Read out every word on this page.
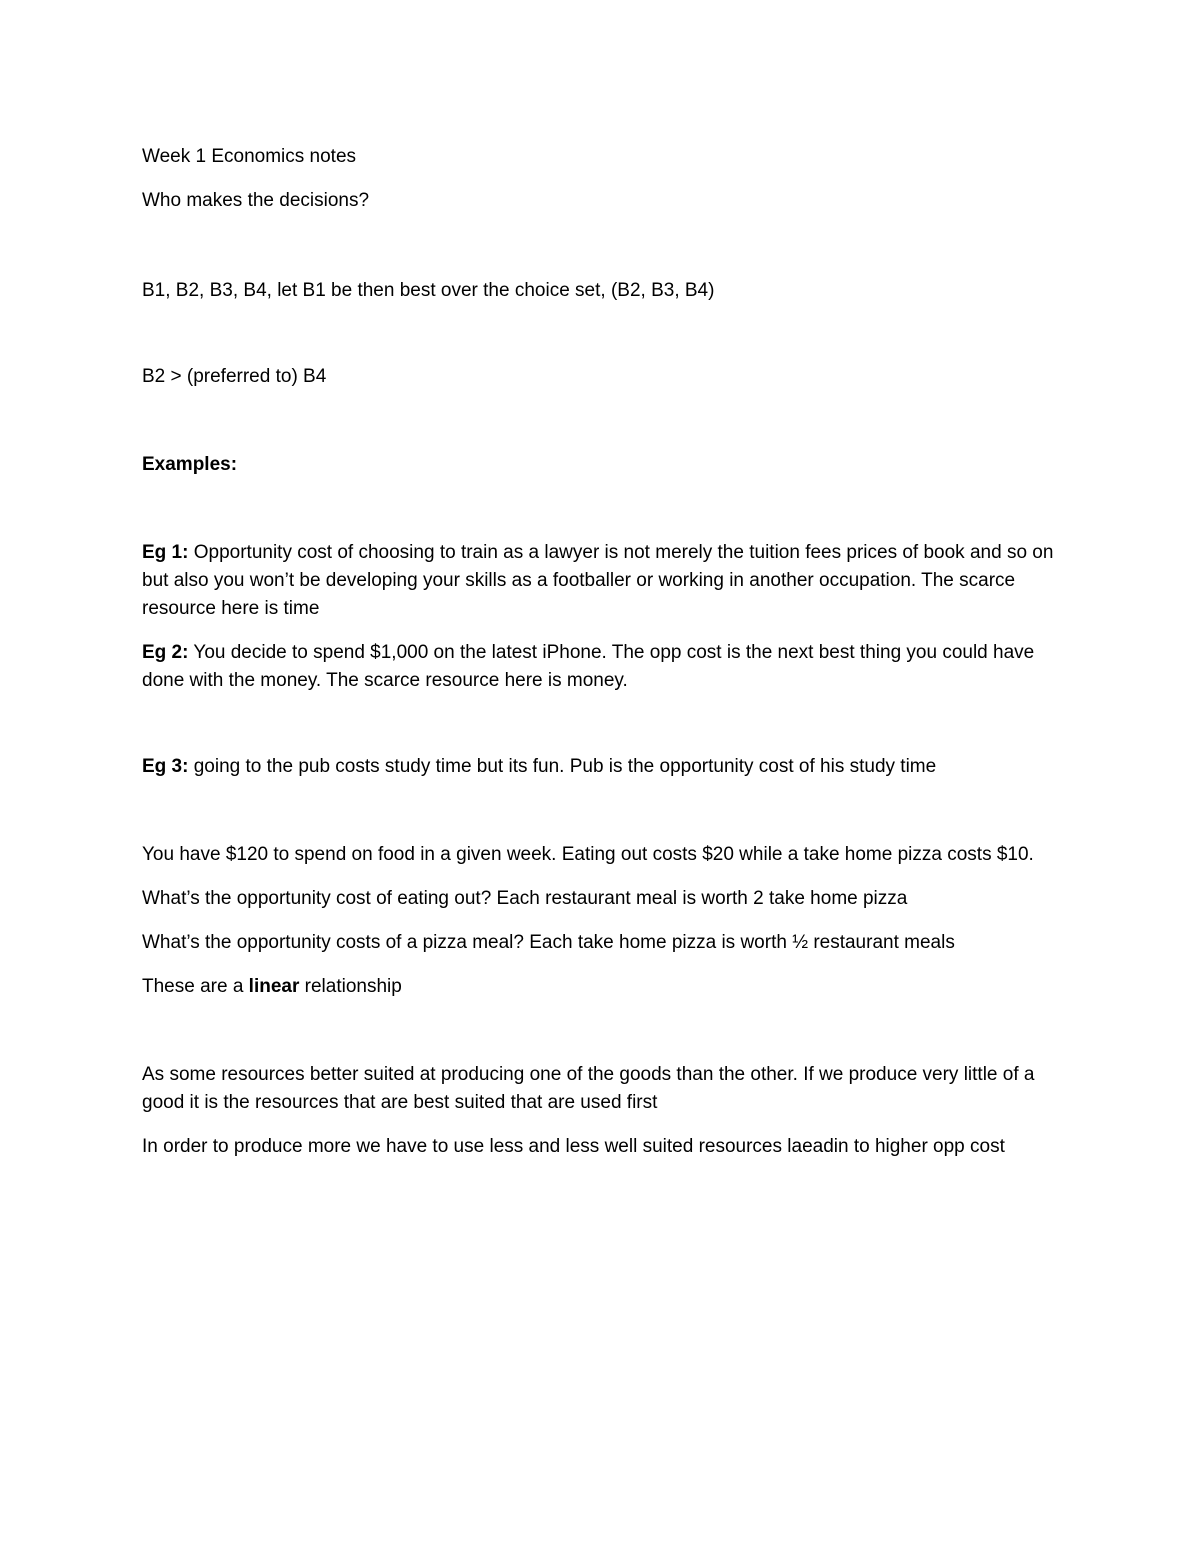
Week 1 Economics notes

Who makes the decisions?

B1, B2, B3, B4, let B1 be then best over the choice set, (B2, B3, B4)

B2 > (preferred to) B4

Examples:

Eg 1: Opportunity cost of choosing to train as a lawyer is not merely the tuition fees prices of book and so on but also you won’t be developing your skills as a footballer or working in another occupation. The scarce resource here is time

Eg 2: You decide to spend $1,000 on the latest iPhone. The opp cost is the next best thing you could have done with the money. The scarce resource here is money.

Eg 3: going to the pub costs study time but its fun. Pub is the opportunity cost of his study time

You have $120 to spend on food in a given week. Eating out costs $20 while a take home pizza costs $10.

What’s the opportunity cost of eating out? Each restaurant meal is worth 2 take home pizza

What’s the opportunity costs of a pizza meal? Each take home pizza is worth ½ restaurant meals

These are a linear relationship

As some resources better suited at producing one of the goods than the other. If we produce very little of a good it is the resources that are best suited that are used first

In order to produce more we have to use less and less well suited resources laeadin to higher opp cost
